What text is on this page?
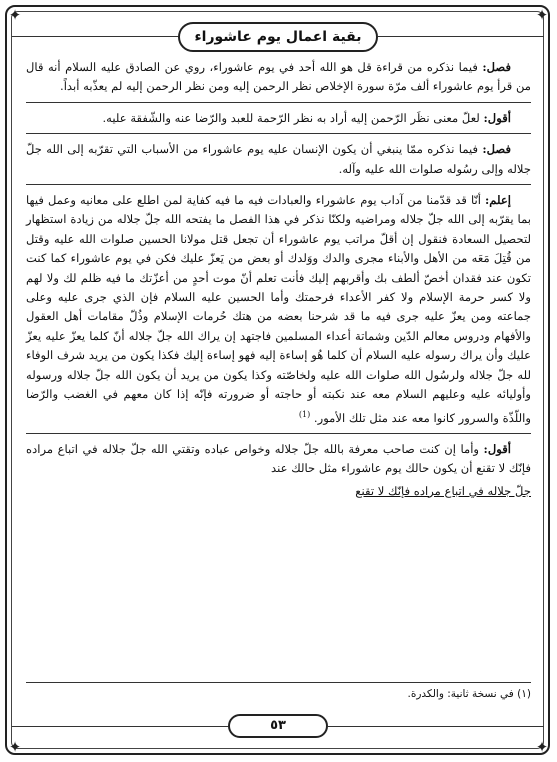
✦	✦
✦	✦
بقية اعمال يوم عاشوراء

فصل: فيما نذكره من قراءة قل هو الله أحد في يوم عاشوراء، روي عن الصادق عليه السلام أنه قال من قرأ يوم عاشوراء ألف مرّة سورة الإخلاص نظر الرحمن إليه ومن نظر الرحمن إليه لم يعذّبه أبداً.

أقول: لعلّ معنى نظَر الرّحمن إليه أراد به نظر الرّحمة للعبد والرّضا عنه والشّفقة عليه.

فصل: فيما نذكره ممّا ينبغي أن يكون الإنسان عليه يوم عاشوراء من الأسباب التي تقرّبه إلى الله جلّ جلاله وإلى رسُوله صلوات الله عليه وآله.

إعلم: أنّا قد قدّمنا من آداب يوم عاشوراء والعبادات فيه ما فيه كفاية لمن اطلع على معانيه وعمل فيها بما يقرّبه إلى الله جلّ جلاله ومراضيه ولكنّا نذكر في هذا الفصل ما يفتحه الله جلّ جلاله من زيادة استظهار لتحصيل السعادة فنقول إن أقلّ مراتب يوم عاشوراء أن تجعل قتل مولانا الحسين صلوات الله عليه وقتل من قُتِلَ مَعَه من الأهل والأبناء مجرى والدك ووَلدك أو بعض من يَعزّ عليك فكن في يوم عاشوراء كما كنت تكون عند فقدان أخصّ ألطف بك وأقربهم إليك فأنت تعلم أنّ موت أحدٍ من أعزّتك ما فيه ظلم لك ولا لهم ولا كسر حرمة الإسلام ولا كفر الأعداء فرحمتك وأما الحسين عليه السلام فإن الذي جرى عليه وعلى جماعته ومن يعزّ عليه جرى فيه ما قد شرحنا بعضه من هتك حُرمات الإسلام وذُلّ مقامات أهل العقول والأفهام ودروس معالم الدّين وشماتة أعداء المسلمين فاجتهد إن يراك الله جلّ جلاله أنّ كلما يعزّ عليه يعزّ عليك وأن يراك رسوله عليه السلام أن كلما هُو إساءة إليه فهو إساءة إليك فكذا يكون من يريد شرف الوفاء لله جلّ جلاله ولرسُول الله صلوات الله عليه ولخاصّته وكذا يكون من يريد أن يكون الله جلّ جلاله ورسوله وأوليائه عليه وعليهم السلام معه عند نكبته أو حاجته أو ضرورته فإنّه إذا كان معهم في الغضب والرّضا واللّذّة والسرور كانوا معه عند مثل تلك الأمور. $^{(1)}$

أقول: وأما إن كنت صاحب معرفة بالله جلّ جلاله وخواص عباده وتقتي الله جلّ جلاله في اتباع مراده فإنّك لا تقنع أن يكون حالك يوم عاشوراء مثل حالك عند

جلّ جلاله في اتباع مراده فإنّك لا تقنع

(١) في نسخة ثانية: والكدرة.
٥٣
